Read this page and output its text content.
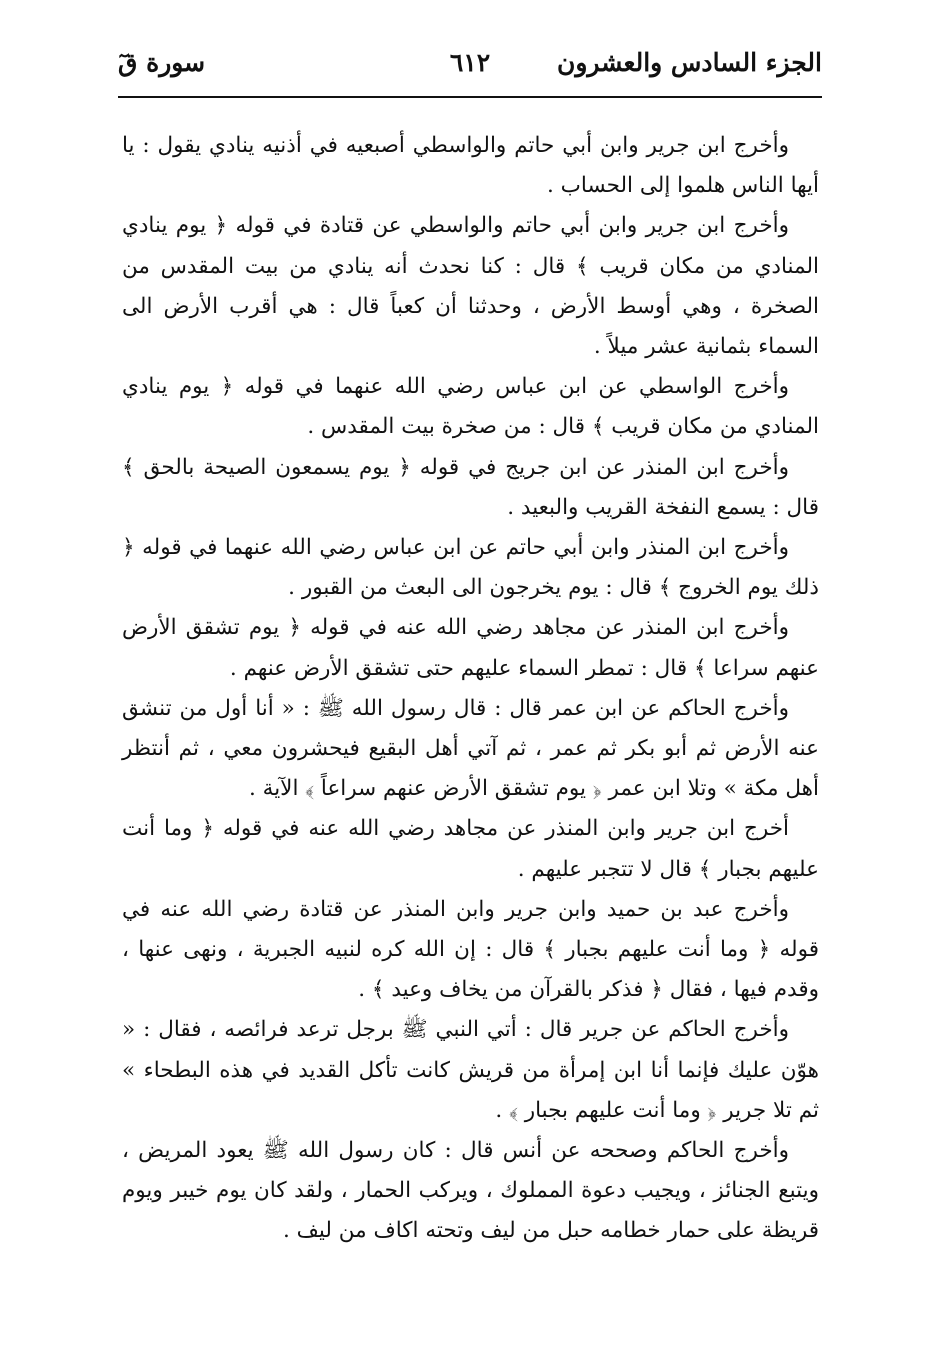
الجزء السادس والعشرون
٦١٢
سورة قٓ

وأخرج ابن جرير وابن أبي حاتم والواسطي أصبعيه في أذنيه ينادي يقول : يا أيها الناس هلموا إلى الحساب .

وأخرج ابن جرير وابن أبي حاتم والواسطي عن قتادة في قوله ﴿ يوم ينادي المنادي من مكان قريب ﴾ قال : كنا نحدث أنه ينادي من بيت المقدس من الصخرة ، وهي أوسط الأرض ، وحدثنا أن كعباً قال : هي أقرب الأرض الى السماء بثمانية عشر ميلاً .

وأخرج الواسطي عن ابن عباس رضي الله عنهما في قوله ﴿ يوم ينادي المنادي من مكان قريب ﴾ قال : من صخرة بيت المقدس .

وأخرج ابن المنذر عن ابن جريج في قوله ﴿ يوم يسمعون الصيحة بالحق ﴾ قال : يسمع النفخة القريب والبعيد .

وأخرج ابن المنذر وابن أبي حاتم عن ابن عباس رضي الله عنهما في قوله ﴿ ذلك يوم الخروج ﴾ قال : يوم يخرجون الى البعث من القبور .

وأخرج ابن المنذر عن مجاهد رضي الله عنه في قوله ﴿ يوم تشقق الأرض عنهم سراعا ﴾ قال : تمطر السماء عليهم حتى تشقق الأرض عنهم .

وأخرج الحاكم عن ابن عمر قال : قال رسول الله ﷺ : « أنا أول من تنشق عنه الأرض ثم أبو بكر ثم عمر ، ثم آتي أهل البقيع فيحشرون معي ، ثم أنتظر أهل مكة » وتلا ابن عمر ﴿ يوم تشقق الأرض عنهم سراعاً ﴾ الآية .

أخرج ابن جرير وابن المنذر عن مجاهد رضي الله عنه في قوله ﴿ وما أنت عليهم بجبار ﴾ قال لا تتجبر عليهم .

وأخرج عبد بن حميد وابن جرير وابن المنذر عن قتادة رضي الله عنه في قوله ﴿ وما أنت عليهم بجبار ﴾ قال : إن الله كره لنبيه الجبرية ، ونهى عنها ، وقدم فيها ، فقال ﴿ فذكر بالقرآن من يخاف وعيد ﴾ .

وأخرج الحاكم عن جرير قال : أتي النبي ﷺ برجل ترعد فرائصه ، فقال : « هوّن عليك فإنما أنا ابن إمرأة من قريش كانت تأكل القديد في هذه البطحاء » ثم تلا جرير ﴿ وما أنت عليهم بجبار ﴾ .

وأخرج الحاكم وصححه عن أنس قال : كان رسول الله ﷺ يعود المريض ، ويتبع الجنائز ، ويجيب دعوة المملوك ، ويركب الحمار ، ولقد كان يوم خيبر ويوم قريظة على حمار خطامه حبل من ليف وتحته اكاف من ليف .
